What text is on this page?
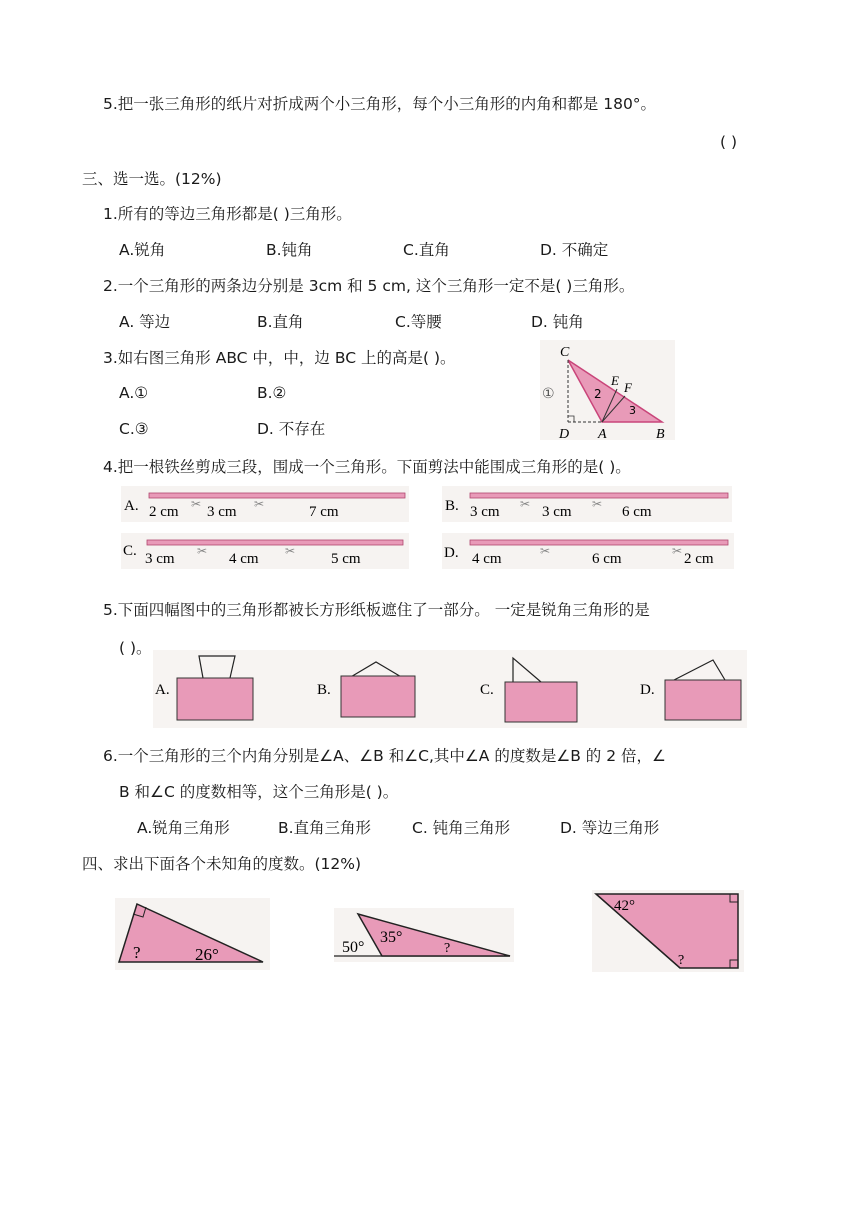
5.把一张三角形的纸片对折成两个小三角形，每个小三角形的内角和都是 180°。
( )
三、选一选。(12%)
1.所有的等边三角形都是( )三角形。
A.锐角	B.钝角	C.直角	D. 不确定
2.一个三角形的两条边分别是 3cm 和 5 cm, 这个三角形一定不是( )三角形。
A. 等边	B.直角	C.等腰	D. 钝角
3.如右图三角形 ABC 中，中，边 BC 上的高是( )。
A.①	B.②
C.③	D. 不存在
C
E F
D A	B
①	2
3
4.把一根铁丝剪成三段，围成一个三角形。下面剪法中能围成三角形的是( )。
A. 2 cm 3 cm	7 cm
✂	✂	B. 3 cm	3 cm	6 cm
✂	✂
C. 3 cm	4 cm	5 cm
✂	✂	D. 4 cm	6 cm	2 cm
✂	✂
5.下面四幅图中的三角形都被长方形纸板遮住了一部分。 一定是锐角三角形的是
( )。
A.	B.	C.	D.
6.一个三角形的三个内角分别是∠A、∠B 和∠C,其中∠A 的度数是∠B 的 2 倍，∠
B 和∠C 的度数相等，这个三角形是( )。
A.锐角三角形	B.直角三角形	C. 钝角三角形	D. 等边三角形
四、求出下面各个未知角的度数。(12%)
?	26°	50°
35°
?
42°
?
